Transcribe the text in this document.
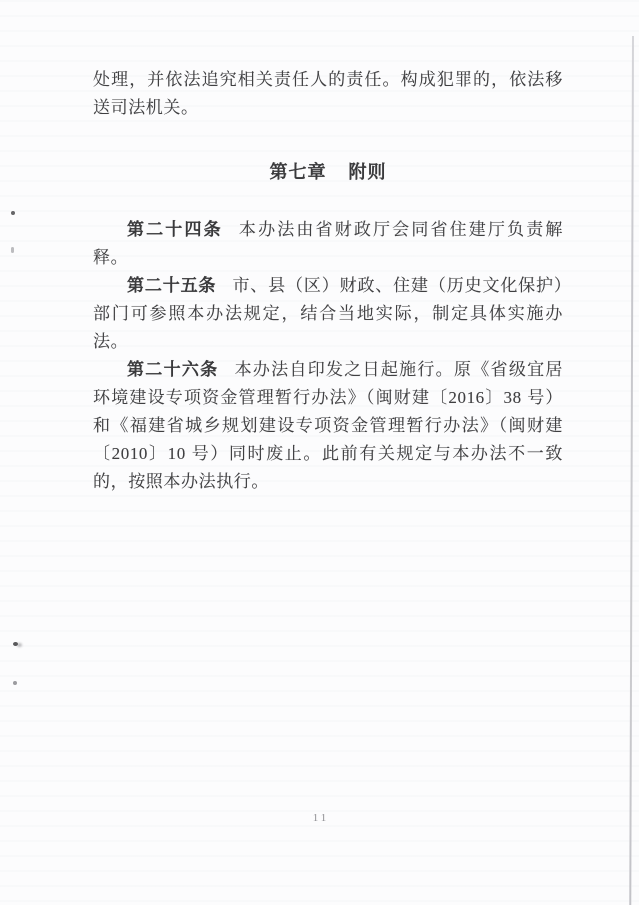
处理，并依法追究相关责任人的责任。构成犯罪的，依法移送司法机关。

第七章 附则

第二十四条 本办法由省财政厅会同省住建厅负责解释。

第二十五条 市、县（区）财政、住建（历史文化保护）部门可参照本办法规定，结合当地实际，制定具体实施办法。

第二十六条 本办法自印发之日起施行。原《省级宜居环境建设专项资金管理暂行办法》（闽财建〔2016〕38 号）和《福建省城乡规划建设专项资金管理暂行办法》（闽财建〔2010〕10 号）同时废止。此前有关规定与本办法不一致的，按照本办法执行。

11
